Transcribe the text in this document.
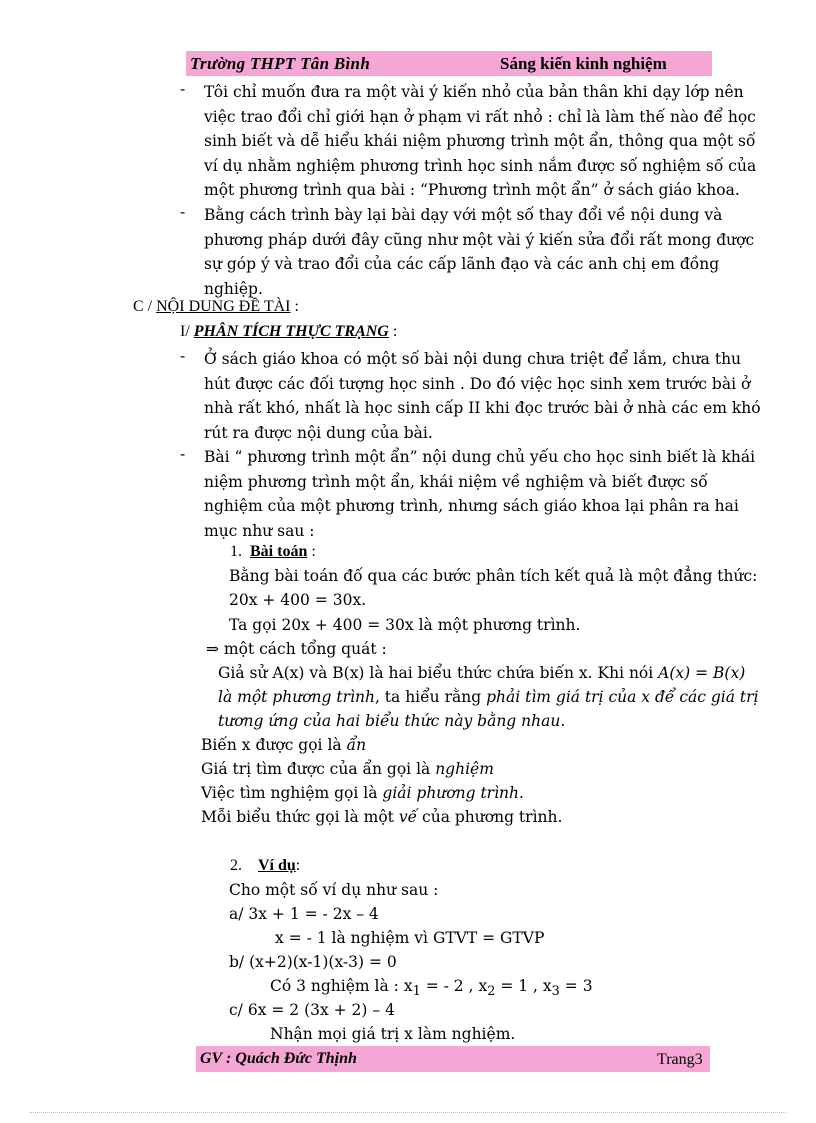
Trường THPT Tân Bình	Sáng kiến kinh nghiệm
- Tôi chỉ muốn đưa ra một vài ý kiến nhỏ của bản thân khi dạy lớp nên
việc trao đổi chỉ giới hạn ở phạm vi rất nhỏ : chỉ là làm thế nào để học
sinh biết và dễ hiểu khái niệm phương trình một ẩn, thông qua một số
ví dụ nhằm nghiệm phương trình học sinh nắm được số nghiệm số của
một phương trình qua bài : “Phương trình một ẩn” ở sách giáo khoa.
- Bằng cách trình bày lại bài dạy với một số thay đổi về nội dung và
phương pháp dưới đây cũng như một vài ý kiến sửa đổi rất mong được
sự góp ý và trao đổi của các cấp lãnh đạo và các anh chị em đồng
nghiệp.
C / NỘI DUNG ĐỀ TÀI :
I/ PHÂN TÍCH THỰC TRẠNG :
- Ở sách giáo khoa có một số bài nội dung chưa triệt để lắm, chưa thu
hút được các đối tượng học sinh . Do đó việc học sinh xem trước bài ở
nhà rất khó, nhất là học sinh cấp II khi đọc trước bài ở nhà các em khó
rút ra được nội dung của bài.
- Bài “ phương trình một ẩn” nội dung chủ yếu cho học sinh biết là khái
niệm phương trình một ẩn, khái niệm về nghiệm và biết được số
nghiệm của một phương trình, nhưng sách giáo khoa lại phân ra hai
mục như sau :
1. Bài toán :
Bằng bài toán đố qua các bước phân tích kết quả là một đẳng thức:
20x + 400 = 30x.
Ta gọi 20x + 400 = 30x là một phương trình.
⇒ một cách tổng quát :
Giả sử A(x) và B(x) là hai biểu thức chứa biến x. Khi nói A(x) = B(x)
là một phương trình, ta hiểu rằng phải tìm giá trị của x để các giá trị
tương ứng của hai biểu thức này bằng nhau.
Biến x được gọi là ẩn
Giá trị tìm được của ẩn gọi là nghiệm
Việc tìm nghiệm gọi là giải phương trình.
Mỗi biểu thức gọi là một vế của phương trình.
2. Ví dụ:
Cho một số ví dụ như sau :
a/ 3x + 1 = - 2x – 4
x = - 1 là nghiệm vì GTVT = GTVP
b/ (x+2)(x-1)(x-3) = 0
Có 3 nghiệm là : $x_1$ = - 2 , $x_2 = 1$ , $x_3 = 3$
c/ 6x = 2 (3x + 2) – 4
Nhận mọi giá trị x làm nghiệm.
GV : Quách Đức Thịnh	Trang3
